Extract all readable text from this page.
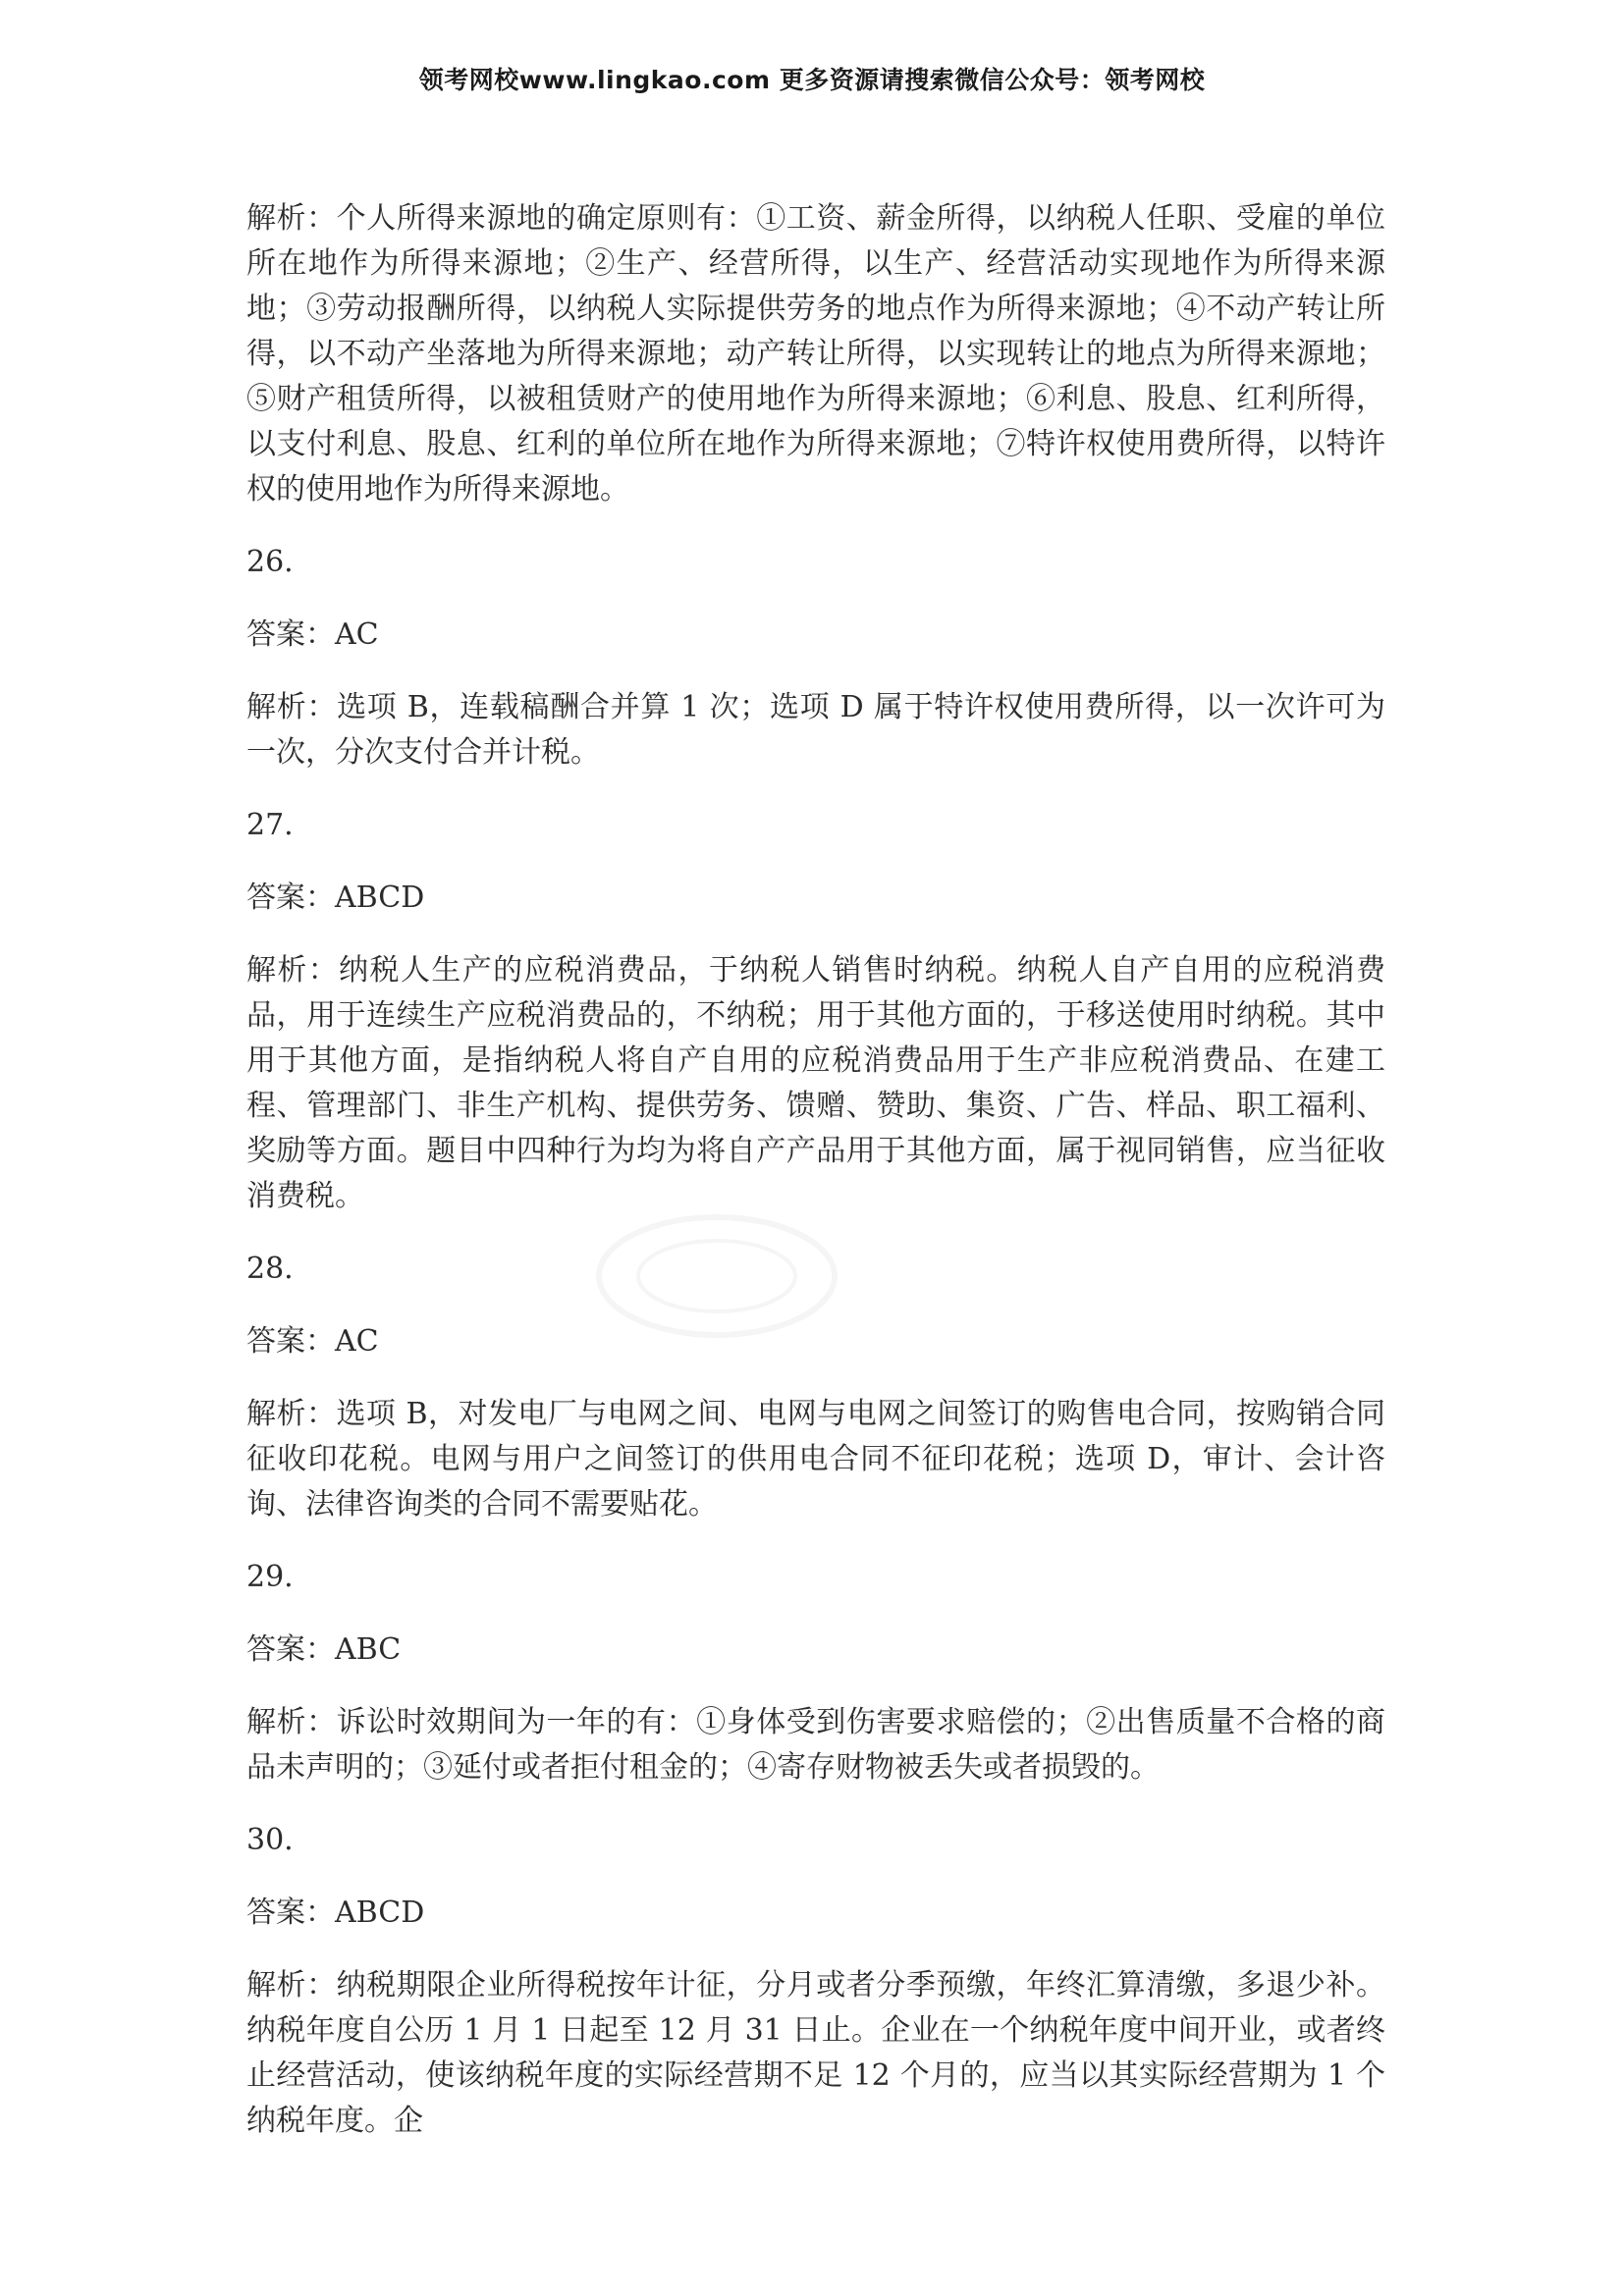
领考网校www.lingkao.com 更多资源请搜索微信公众号：领考网校

解析：个人所得来源地的确定原则有：①工资、薪金所得，以纳税人任职、受雇的单位所在地作为所得来源地；②生产、经营所得，以生产、经营活动实现地作为所得来源地；③劳动报酬所得，以纳税人实际提供劳务的地点作为所得来源地；④不动产转让所得，以不动产坐落地为所得来源地；动产转让所得，以实现转让的地点为所得来源地；⑤财产租赁所得，以被租赁财产的使用地作为所得来源地；⑥利息、股息、红利所得，以支付利息、股息、红利的单位所在地作为所得来源地；⑦特许权使用费所得，以特许权的使用地作为所得来源地。

26.

答案：AC

解析：选项 B，连载稿酬合并算 1 次；选项 D 属于特许权使用费所得，以一次许可为一次，分次支付合并计税。

27.

答案：ABCD

解析：纳税人生产的应税消费品，于纳税人销售时纳税。纳税人自产自用的应税消费品，用于连续生产应税消费品的，不纳税；用于其他方面的，于移送使用时纳税。其中用于其他方面，是指纳税人将自产自用的应税消费品用于生产非应税消费品、在建工程、管理部门、非生产机构、提供劳务、馈赠、赞助、集资、广告、样品、职工福利、奖励等方面。题目中四种行为均为将自产产品用于其他方面，属于视同销售，应当征收消费税。

28.

答案：AC

解析：选项 B，对发电厂与电网之间、电网与电网之间签订的购售电合同，按购销合同征收印花税。电网与用户之间签订的供用电合同不征印花税；选项 D，审计、会计咨询、法律咨询类的合同不需要贴花。

29.

答案：ABC

解析：诉讼时效期间为一年的有：①身体受到伤害要求赔偿的；②出售质量不合格的商品未声明的；③延付或者拒付租金的；④寄存财物被丢失或者损毁的。

30.

答案：ABCD

解析：纳税期限企业所得税按年计征，分月或者分季预缴，年终汇算清缴，多退少补。纳税年度自公历 1 月 1 日起至 12 月 31 日止。企业在一个纳税年度中间开业，或者终止经营活动，使该纳税年度的实际经营期不足 12 个月的，应当以其实际经营期为 1 个纳税年度。企
